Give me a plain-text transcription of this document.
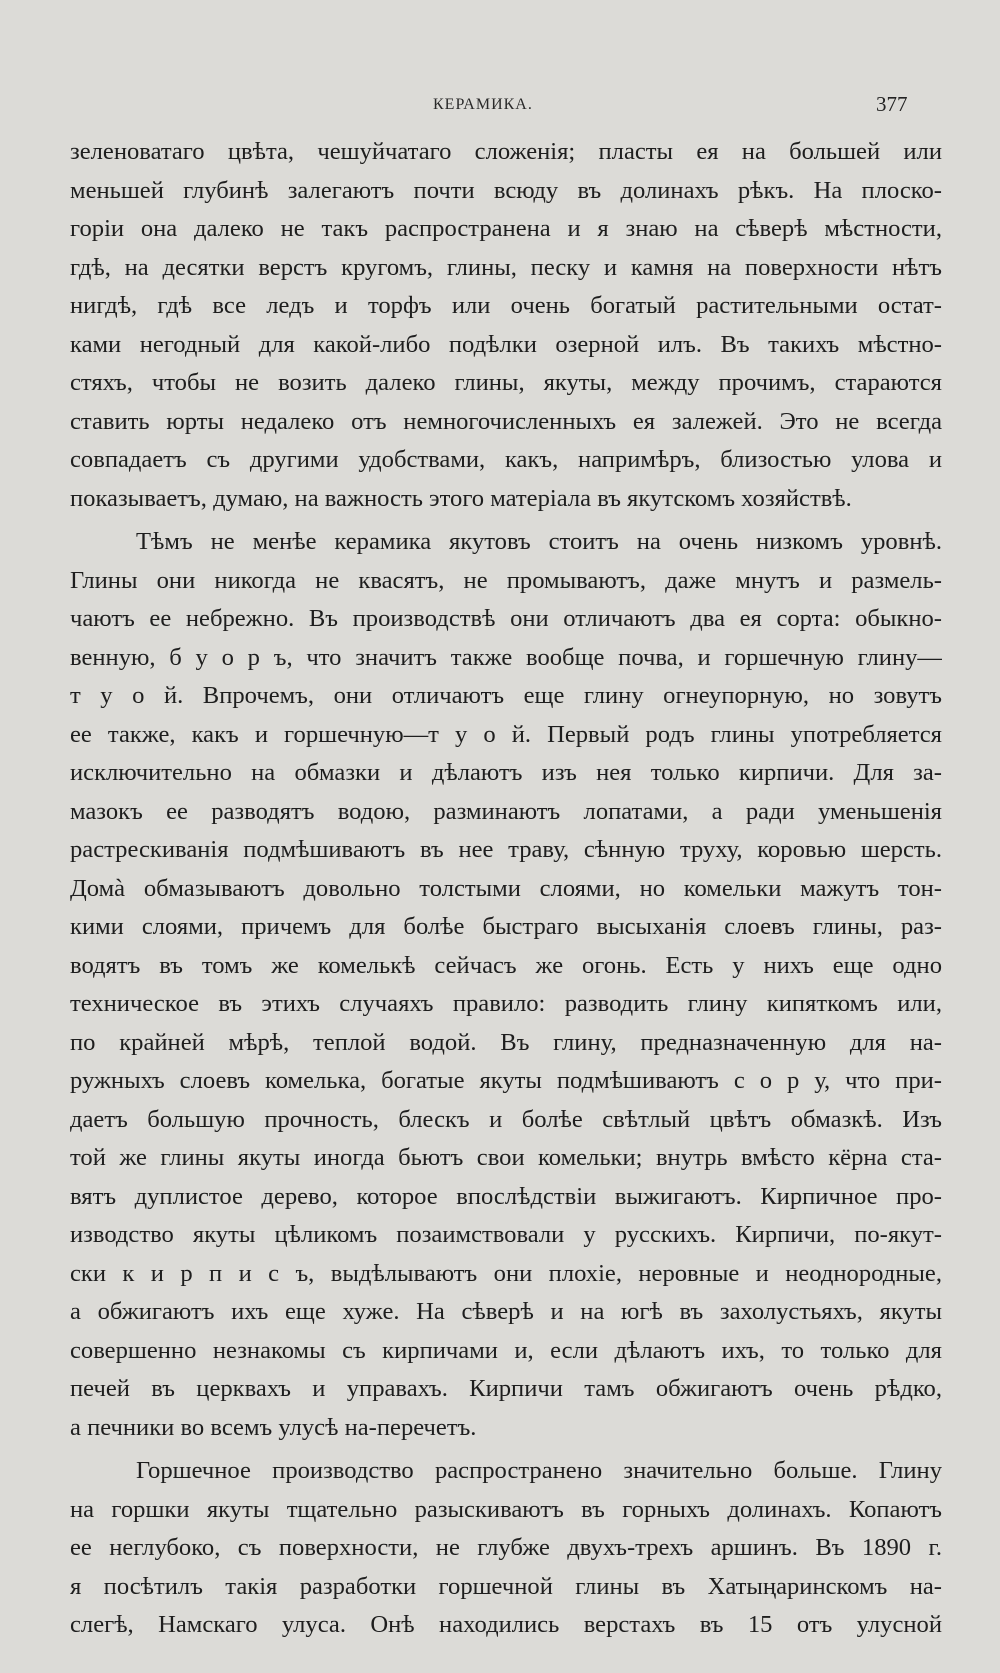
КЕРАМИКА.	377
зеленоватаго цвѣта, чешуйчатаго сложенія; пласты ея на большей или
меньшей глубинѣ залегаютъ почти всюду въ долинахъ рѣкъ. На плоско-
горіи она далеко не такъ распространена и я знаю на сѣверѣ мѣстности,
гдѣ, на десятки верстъ кругомъ, глины, песку и камня на поверхности нѣтъ
нигдѣ, гдѣ все ледъ и торфъ или очень богатый растительными остат-
ками негодный для какой-либо подѣлки озерной илъ. Въ такихъ мѣстно-
стяхъ, чтобы не возить далеко глины, якуты, между прочимъ, стараются
ставить юрты недалеко отъ немногочисленныхъ ея залежей. Это не всегда
совпадаетъ съ другими удобствами, какъ, напримѣръ, близостью улова и
показываетъ, думаю, на важность этого матеріала въ якутскомъ хозяйствѣ.
Тѣмъ не менѣе керамика якутовъ стоитъ на очень низкомъ уровнѣ.
Глины они никогда не квасятъ, не промываютъ, даже мнутъ и размель-
чаютъ ее небрежно. Въ производствѣ они отличаютъ два ея сорта: обыкно-
венную, б у о р ъ, что значитъ также вообще почва, и горшечную глину—
т у о й. Впрочемъ, они отличаютъ еще глину огнеупорную, но зовутъ
ее также, какъ и горшечную—т у о й. Первый родъ глины употребляется
исключительно на обмазки и дѣлаютъ изъ нея только кирпичи. Для за-
мазокъ ее разводятъ водою, разминаютъ лопатами, а ради уменьшенія
растрескиванія подмѣшиваютъ въ нее траву, сѣнную труху, коровью шерсть.
Домà обмазываютъ довольно толстыми слоями, но комельки мажутъ тон-
кими слоями, причемъ для болѣе быстраго высыханія слоевъ глины, раз-
водятъ въ томъ же комелькѣ сейчасъ же огонь. Есть у нихъ еще одно
техническое въ этихъ случаяхъ правило: разводить глину кипяткомъ или,
по крайней мѣрѣ, теплой водой. Въ глину, предназначенную для на-
ружныхъ слоевъ комелька, богатые якуты подмѣшиваютъ с о р у, что при-
даетъ большую прочность, блескъ и болѣе свѣтлый цвѣтъ обмазкѣ. Изъ
той же глины якуты иногда бьютъ свои комельки; внутрь вмѣсто кёрна ста-
вятъ дуплистое дерево, которое впослѣдствіи выжигаютъ. Кирпичное про-
изводство якуты цѣликомъ позаимствовали у русскихъ. Кирпичи, по-якут-
ски к и р п и с ъ, выдѣлываютъ они плохіе, неровные и неоднородные,
а обжигаютъ ихъ еще хуже. На сѣверѣ и на югѣ въ захолустьяхъ, якуты
совершенно незнакомы съ кирпичами и, если дѣлаютъ ихъ, то только для
печей въ церквахъ и управахъ. Кирпичи тамъ обжигаютъ очень рѣдко,
а печники во всемъ улусѣ на-перечетъ.
Горшечное производство распространено значительно больше. Глину
на горшки якуты тщательно разыскиваютъ въ горныхъ долинахъ. Копаютъ
ее неглубоко, съ поверхности, не глубже двухъ-трехъ аршинъ. Въ 1890 г.
я посѣтилъ такія разработки горшечной глины въ Хатыңаринскомъ на-
слегѣ, Намскаго улуса. Онѣ находились верстахъ въ 15 отъ улусной
